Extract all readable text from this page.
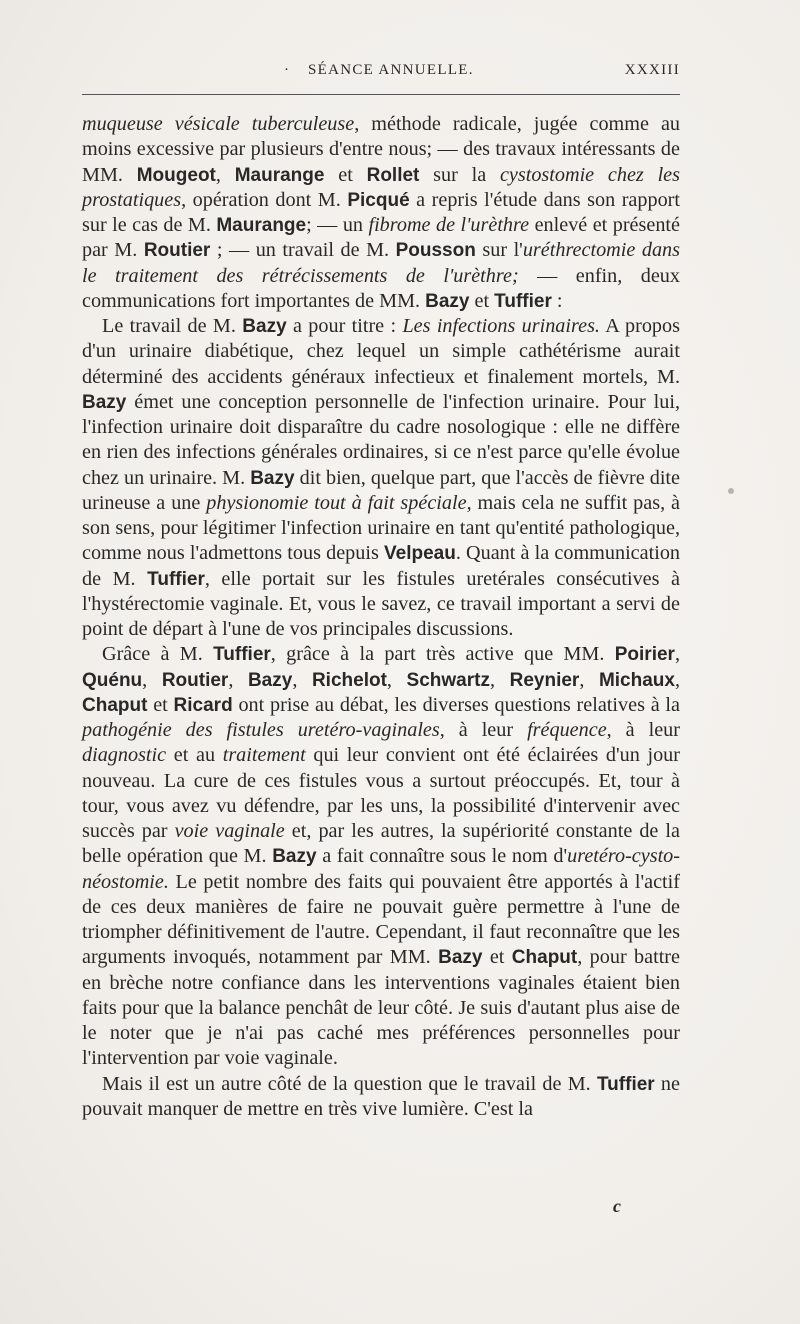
· SÉANCE ANNUELLE.	XXXIII

muqueuse vésicale tuberculeuse, méthode radicale, jugée comme au moins excessive par plusieurs d'entre nous; — des travaux intéressants de MM. Mougeot, Maurange et Rollet sur la cystostomie chez les prostatiques, opération dont M. Picqué a repris l'étude dans son rapport sur le cas de M. Maurange; — un fibrome de l'urèthre enlevé et présenté par M. Routier ; — un travail de M. Pousson sur l'uréthrectomie dans le traitement des rétrécissements de l'urèthre; — enfin, deux communications fort importantes de MM. Bazy et Tuffier :

Le travail de M. Bazy a pour titre : Les infections urinaires. A propos d'un urinaire diabétique, chez lequel un simple cathétérisme aurait déterminé des accidents généraux infectieux et finalement mortels, M. Bazy émet une conception personnelle de l'infection urinaire. Pour lui, l'infection urinaire doit disparaître du cadre nosologique : elle ne diffère en rien des infections générales ordinaires, si ce n'est parce qu'elle évolue chez un urinaire. M. Bazy dit bien, quelque part, que l'accès de fièvre dite urineuse a une physionomie tout à fait spéciale, mais cela ne suffit pas, à son sens, pour légitimer l'infection urinaire en tant qu'entité pathologique, comme nous l'admettons tous depuis Velpeau. Quant à la communication de M. Tuffier, elle portait sur les fistules uretérales consécutives à l'hystérectomie vaginale. Et, vous le savez, ce travail important a servi de point de départ à l'une de vos principales discussions.

Grâce à M. Tuffier, grâce à la part très active que MM. Poirier, Quénu, Routier, Bazy, Richelot, Schwartz, Reynier, Michaux, Chaput et Ricard ont prise au débat, les diverses questions relatives à la pathogénie des fistules uretéro-vaginales, à leur fréquence, à leur diagnostic et au traitement qui leur convient ont été éclairées d'un jour nouveau. La cure de ces fistules vous a surtout préoccupés. Et, tour à tour, vous avez vu défendre, par les uns, la possibilité d'intervenir avec succès par voie vaginale et, par les autres, la supériorité constante de la belle opération que M. Bazy a fait connaître sous le nom d'uretéro-cysto-néostomie. Le petit nombre des faits qui pouvaient être apportés à l'actif de ces deux manières de faire ne pouvait guère permettre à l'une de triompher définitivement de l'autre. Cependant, il faut reconnaître que les arguments invoqués, notamment par MM. Bazy et Chaput, pour battre en brèche notre confiance dans les interventions vaginales étaient bien faits pour que la balance penchât de leur côté. Je suis d'autant plus aise de le noter que je n'ai pas caché mes préférences personnelles pour l'intervention par voie vaginale.

Mais il est un autre côté de la question que le travail de M. Tuffier ne pouvait manquer de mettre en très vive lumière. C'est la

c
